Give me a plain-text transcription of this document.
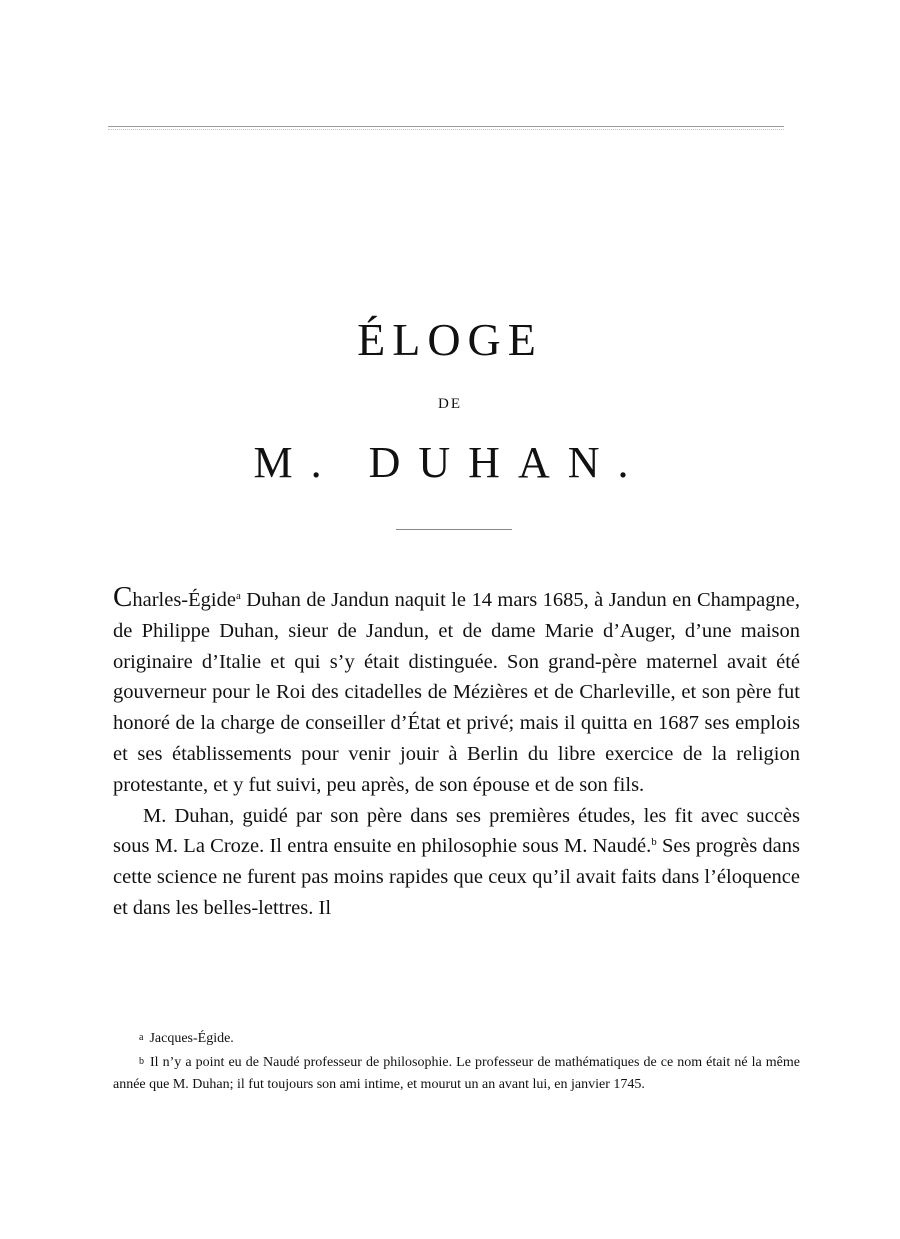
ÉLOGE
DE
M. DUHAN.

Charles-Égide$^a$ Duhan de Jandun naquit le 14 mars 1685, à Jandun en Champagne, de Philippe Duhan, sieur de Jandun, et de dame Marie d’Auger, d’une maison originaire d’Italie et qui s’y était distinguée. Son grand-père maternel avait été gouverneur pour le Roi des citadelles de Mézières et de Charleville, et son père fut honoré de la charge de conseiller d’État et privé; mais il quitta en 1687 ses emplois et ses établissements pour venir jouir à Berlin du libre exercice de la religion protestante, et y fut suivi, peu après, de son épouse et de son fils.

M. Duhan, guidé par son père dans ses premières études, les fit avec succès sous M. La Croze. Il entra ensuite en philosophie sous M. Naudé.$^b$ Ses progrès dans cette science ne furent pas moins rapides que ceux qu’il avait faits dans l’éloquence et dans les belles-lettres. Il

a Jacques-Égide.

b Il n’y a point eu de Naudé professeur de philosophie. Le professeur de mathématiques de ce nom était né la même année que M. Duhan; il fut toujours son ami intime, et mourut un an avant lui, en janvier 1745.
